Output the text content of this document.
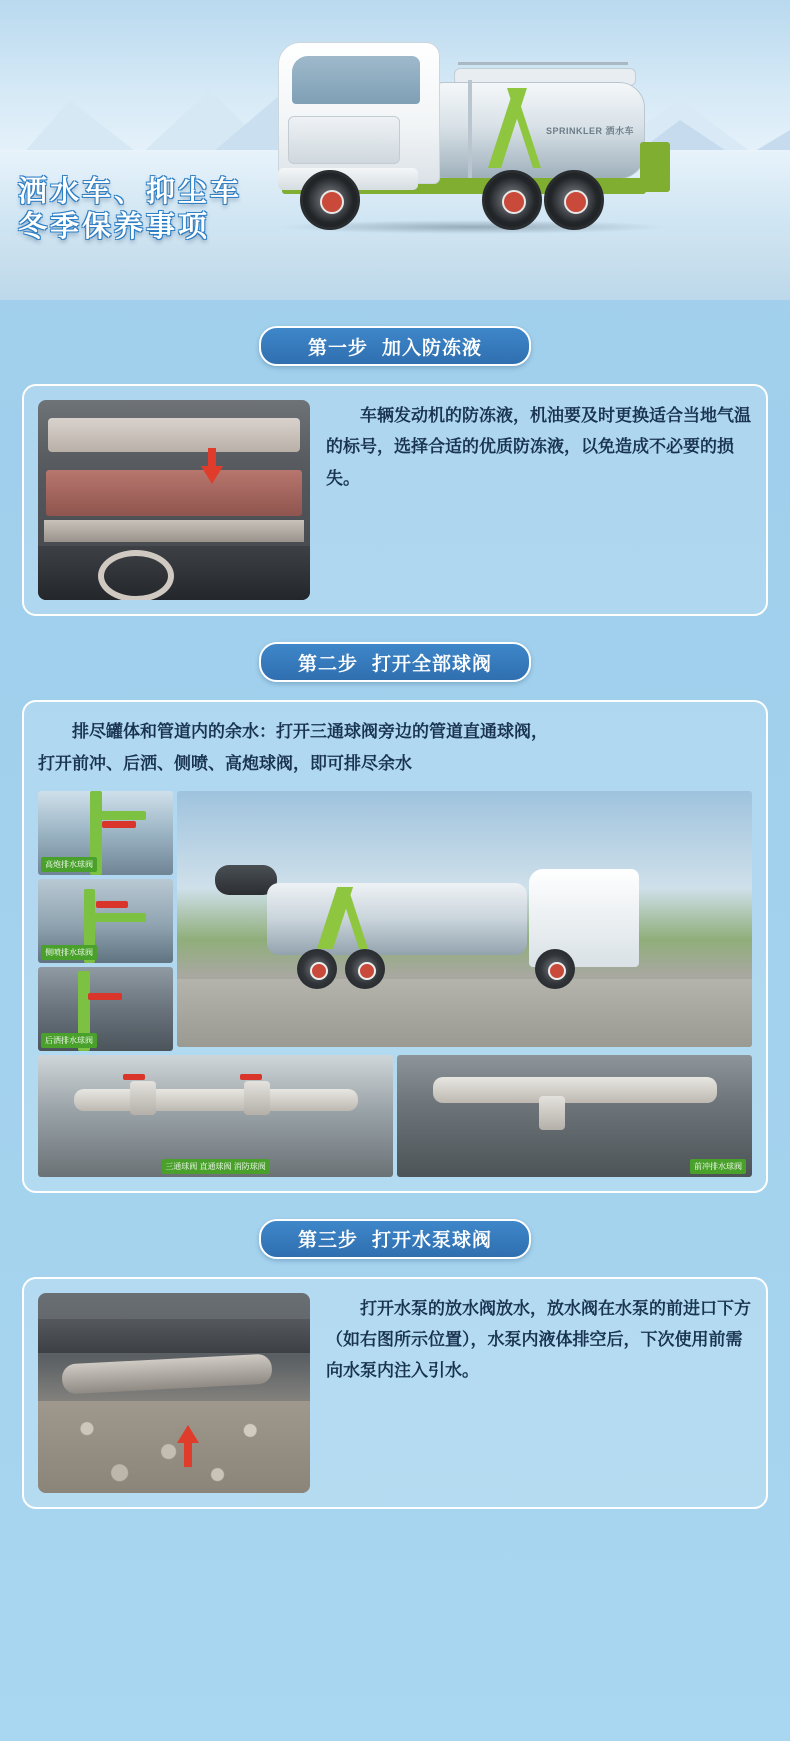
SPRINKLER 洒水车
洒水车、抑尘车
冬季保养事项
第一步 加入防冻液
车辆发动机的防冻液，机油要及时更换适合当地气温的标号，选择合适的优质防冻液，以免造成不必要的损失。
第二步 打开全部球阀
排尽罐体和管道内的余水：打开三通球阀旁边的管道直通球阀，
打开前冲、后洒、侧喷、高炮球阀，即可排尽余水
高炮排水球阀
侧喷排水球阀
后洒排水球阀
三通球阀 直通球阀 消防球阀	前冲排水球阀
第三步 打开水泵球阀
打开水泵的放水阀放水，放水阀在水泵的前进口下方（如右图所示位置），水泵内液体排空后，下次使用前需向水泵内注入引水。
